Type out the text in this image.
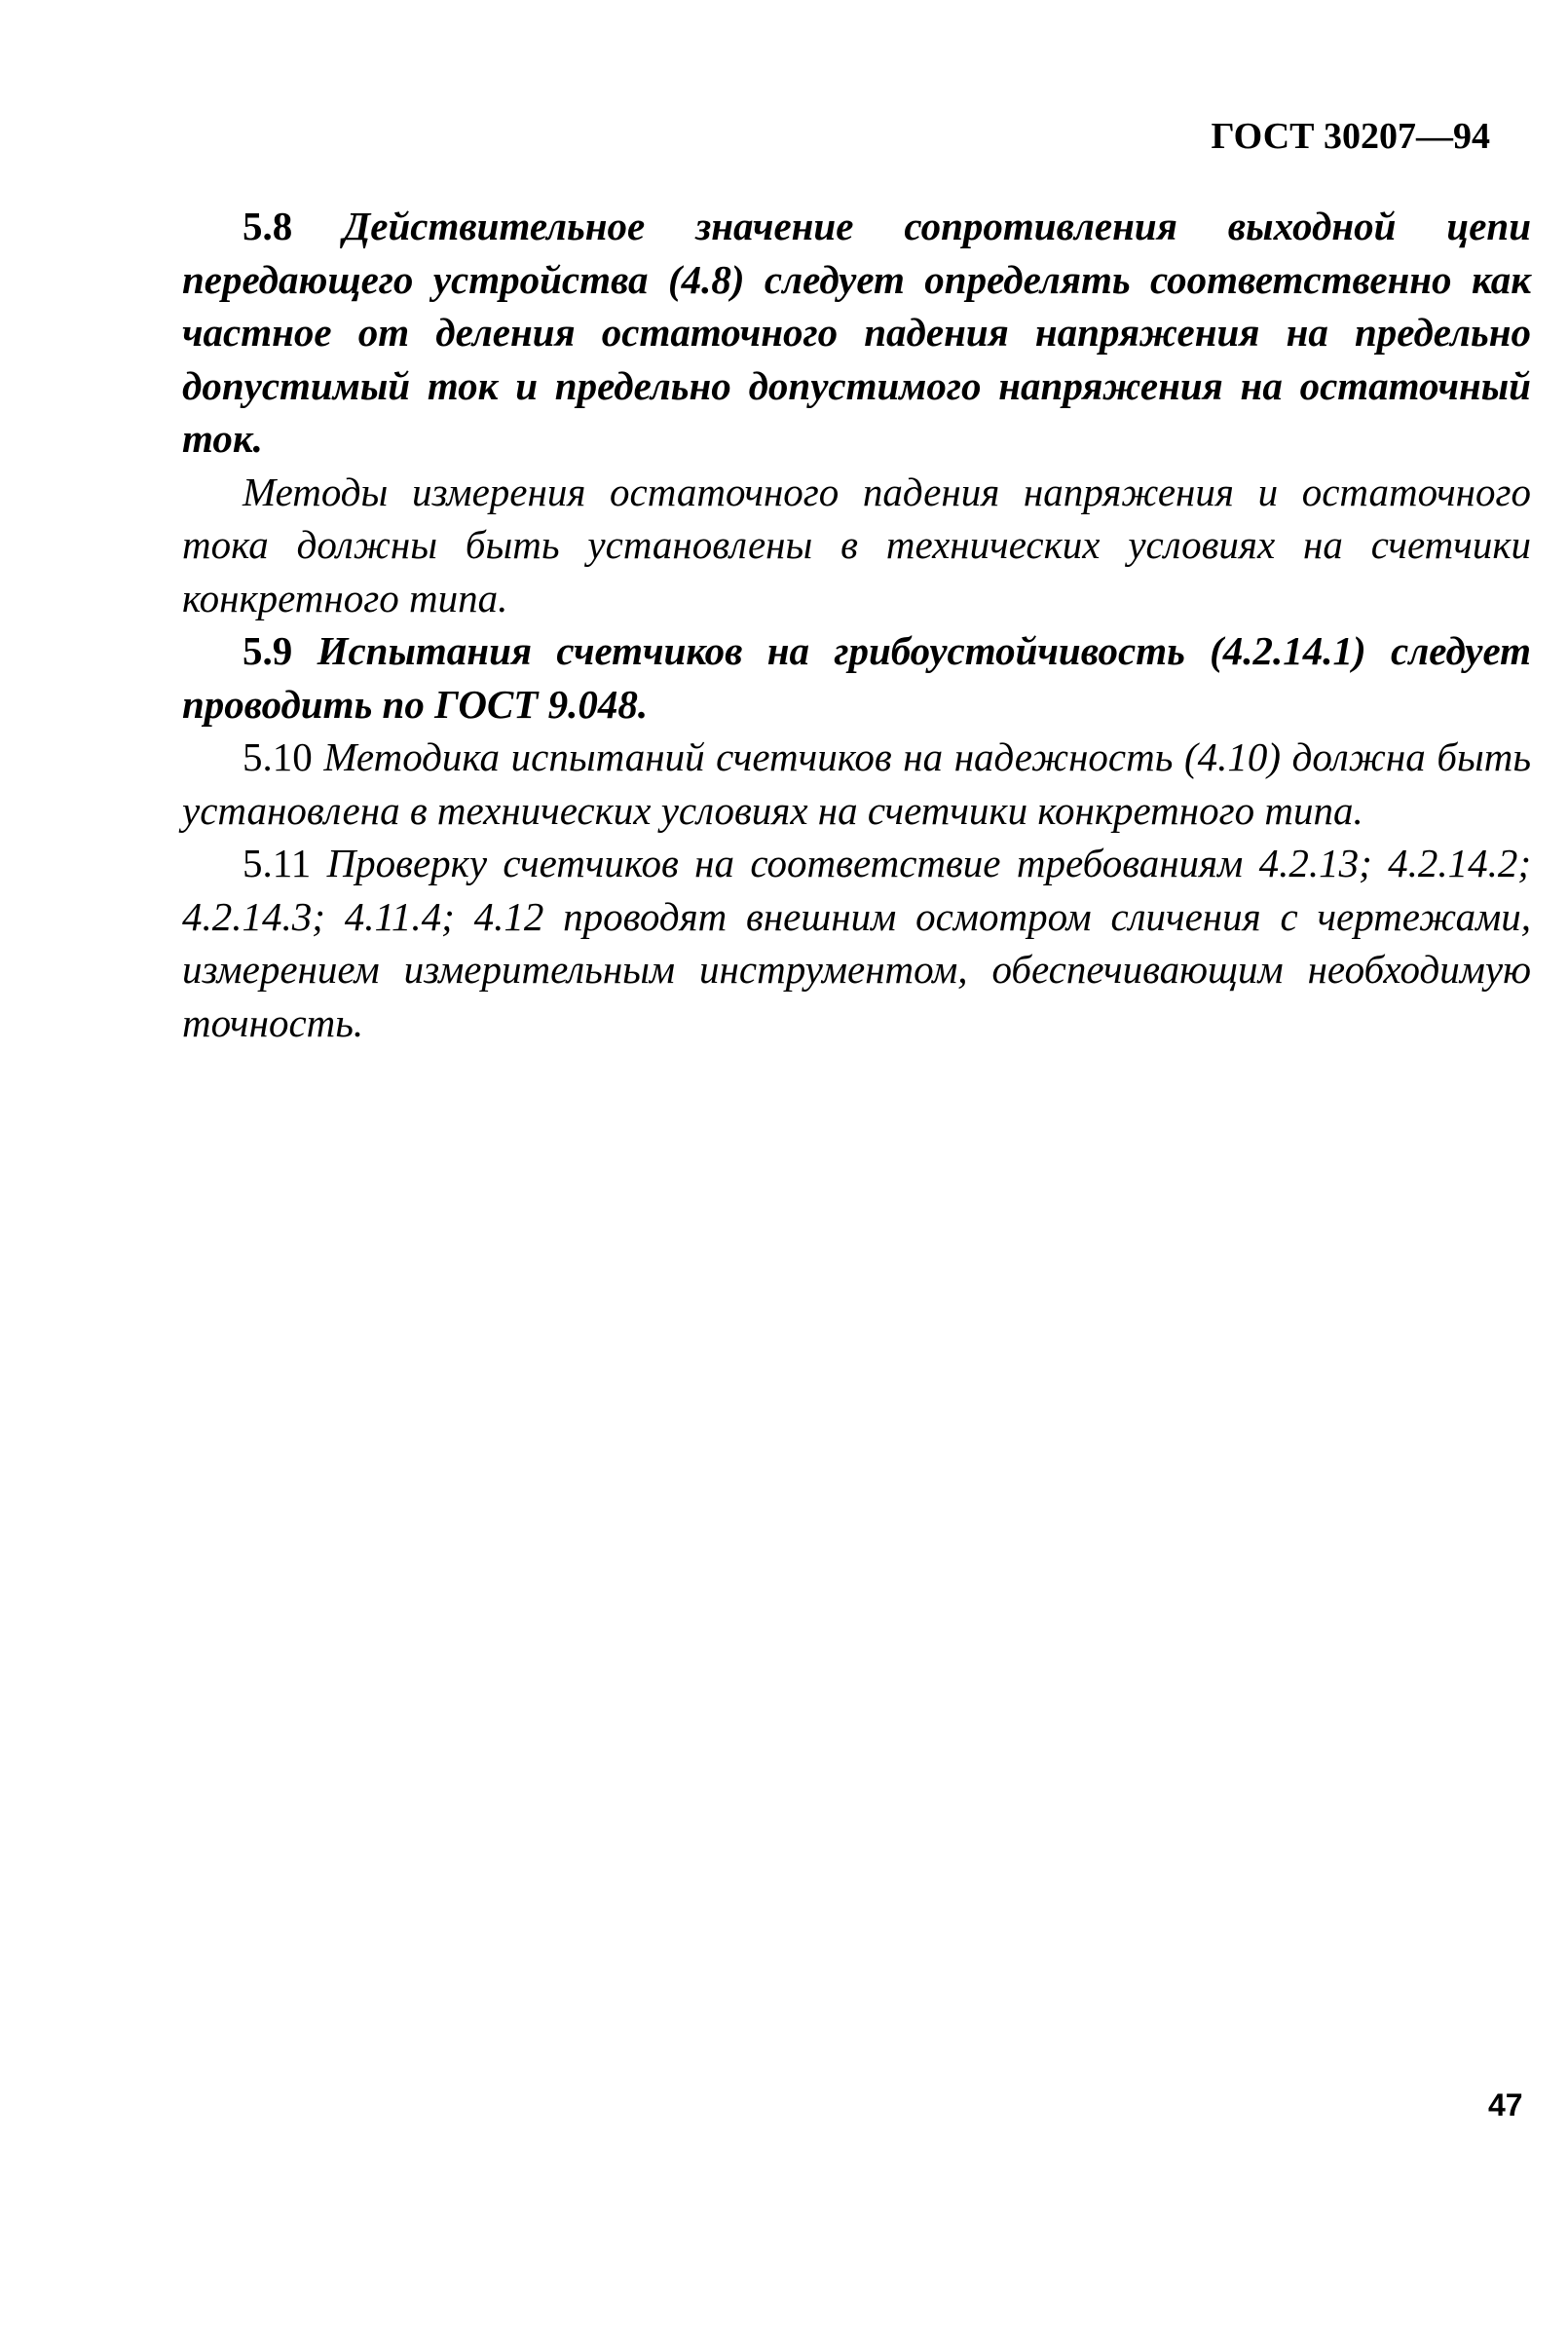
ГОСТ 30207—94

5.8 Действительное значение сопротивления выходной цепи передающего устройства (4.8) следует определять соответственно как частное от деления остаточного падения напряжения на предельно допустимый ток и предельно допустимого напряжения на остаточный ток.

Методы измерения остаточного падения напряжения и остаточного тока должны быть установлены в технических условиях на счетчики конкретного типа.

5.9 Испытания счетчиков на грибоустойчивость (4.2.14.1) следует проводить по ГОСТ 9.048.

5.10 Методика испытаний счетчиков на надежность (4.10) должна быть установлена в технических условиях на счетчики конкретного типа.

5.11 Проверку счетчиков на соответствие требованиям 4.2.13; 4.2.14.2; 4.2.14.3; 4.11.4; 4.12 проводят внешним осмотром сличения с чертежами, измерением измерительным инструментом, обеспечивающим необходимую точность.

47
